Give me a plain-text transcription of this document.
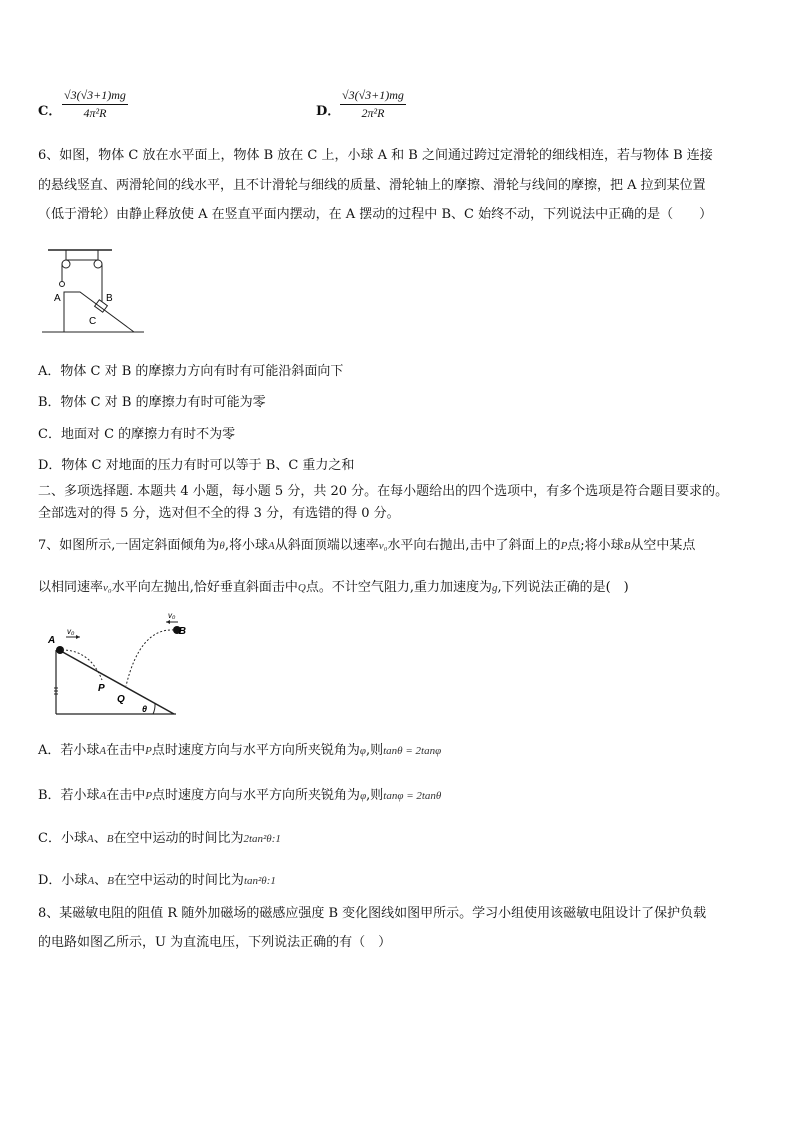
C．
√3(√3+1)mg
4π²R	D．
√3(√3+1)mg
2π²R
6、如图，物体 C 放在水平面上，物体 B 放在 C 上，小球 A 和 B 之间通过跨过定滑轮的细线相连，若与物体 B 连接
的悬线竖直、两滑轮间的线水平，且不计滑轮与细线的质量、滑轮轴上的摩擦、滑轮与线间的摩擦，把 A 拉到某位置
（低于滑轮）由静止释放使 A 在竖直平面内摆动，在 A 摆动的过程中 B、C 始终不动，下列说法中正确的是（　　）
A	B
C
A．物体 C 对 B 的摩擦力方向有时有可能沿斜面向下
B．物体 C 对 B 的摩擦力有时可能为零
C．地面对 C 的摩擦力有时不为零
D．物体 C 对地面的压力有时可以等于 B、C 重力之和
二、多项选择题. 本题共 4 小题，每小题 5 分，共 20 分。在每小题给出的四个选项中，有多个选项是符合题目要求的。
全部选对的得 5 分，选对但不全的得 3 分，有选错的得 0 分。
7、如图所示,一固定斜面倾角为θ,将小球A从斜面顶端以速率v₀水平向右抛出,击中了斜面上的P点;将小球B从空中某点
以相同速率v₀水平向左抛出,恰好垂直斜面击中Q点。不计空气阻力,重力加速度为g,下列说法正确的是(　)
A
v₀
P
B
v₀
Q
θ
A．若小球A在击中P点时速度方向与水平方向所夹锐角为φ,则tanθ = 2tanφ
B．若小球A在击中P点时速度方向与水平方向所夹锐角为φ,则tanφ = 2tanθ
C．小球A、B在空中运动的时间比为2tan²θ:1
D．小球A、B在空中运动的时间比为tan²θ:1
8、某磁敏电阻的阻值 R 随外加磁场的磁感应强度 B 变化图线如图甲所示。学习小组使用该磁敏电阻设计了保护负载
的电路如图乙所示，U 为直流电压，下列说法正确的有（　）
